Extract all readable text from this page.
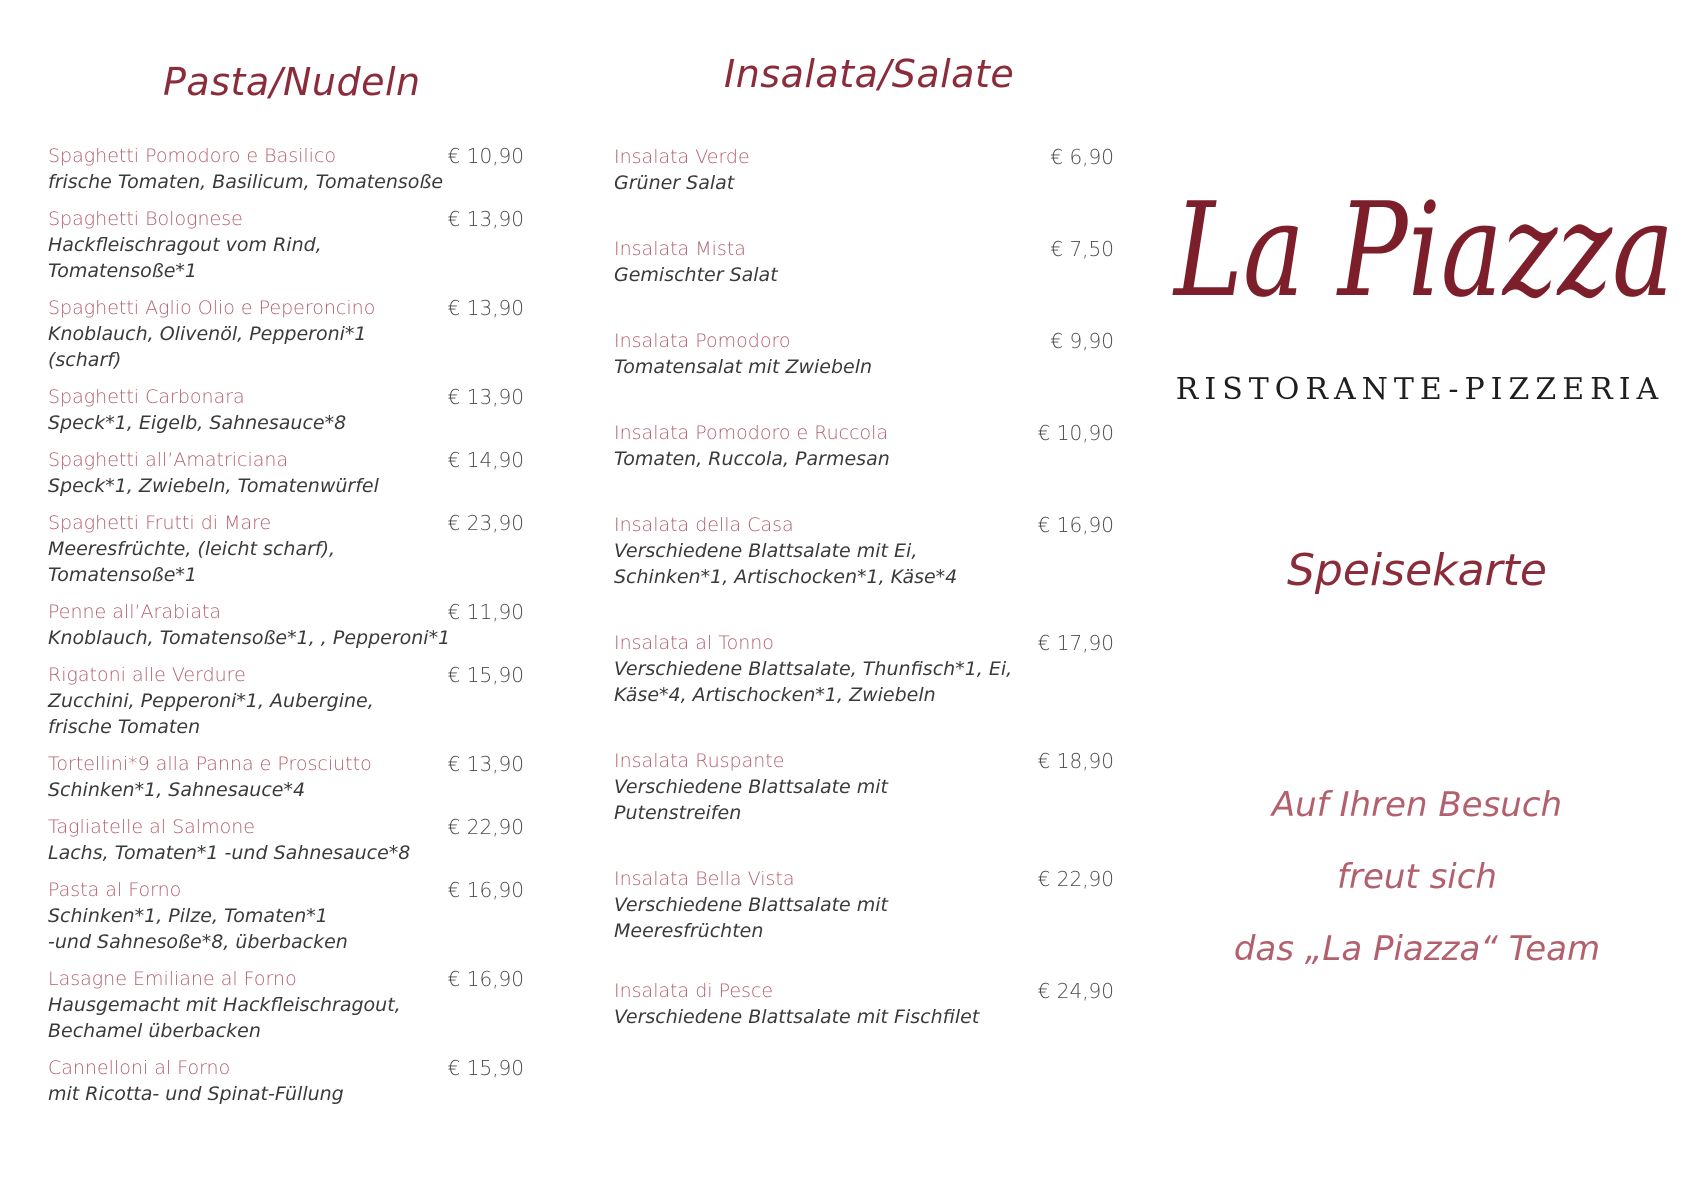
Pasta/Nudeln
Spaghetti Pomodoro e Basilico
frische Tomaten, Basilicum, Tomatensoße
€ 10,90
Spaghetti Bolognese
Hackfleischragout vom Rind,
Tomatensoße*1
€ 13,90
Spaghetti Aglio Olio e Peperoncino
Knoblauch, Olivenöl, Pepperoni*1
(scharf)
€ 13,90
Spaghetti Carbonara
Speck*1, Eigelb, Sahnesauce*8
€ 13,90
Spaghetti all’Amatriciana
Speck*1, Zwiebeln, Tomatenwürfel
€ 14,90
Spaghetti Frutti di Mare
Meeresfrüchte, (leicht scharf),
Tomatensoße*1
€ 23,90
Penne all’Arabiata
Knoblauch, Tomatensoße*1, , Pepperoni*1
€ 11,90
Rigatoni alle Verdure
Zucchini, Pepperoni*1, Aubergine,
frische Tomaten
€ 15,90
Tortellini*9 alla Panna e Prosciutto
Schinken*1, Sahnesauce*4
€ 13,90
Tagliatelle al Salmone
Lachs, Tomaten*1 -und Sahnesauce*8
€ 22,90
Pasta al Forno
Schinken*1, Pilze, Tomaten*1
-und Sahnesoße*8, überbacken
€ 16,90
Lasagne Emiliane al Forno
Hausgemacht mit Hackfleischragout,
Bechamel überbacken
€ 16,90
Cannelloni al Forno
mit Ricotta- und Spinat-Füllung
€ 15,90
Insalata/Salate
Insalata Verde
Grüner Salat
€ 6,90
Insalata Mista
Gemischter Salat
€ 7,50
Insalata Pomodoro
Tomatensalat mit Zwiebeln
€ 9,90
Insalata Pomodoro e Ruccola
Tomaten, Ruccola, Parmesan
€ 10,90
Insalata della Casa
Verschiedene Blattsalate mit Ei,
Schinken*1, Artischocken*1, Käse*4
€ 16,90
Insalata al Tonno
Verschiedene Blattsalate, Thunfisch*1, Ei,
Käse*4, Artischocken*1, Zwiebeln
€ 17,90
Insalata Ruspante
Verschiedene Blattsalate mit
Putenstreifen
€ 18,90
Insalata Bella Vista
Verschiedene Blattsalate mit
Meeresfrüchten
€ 22,90
Insalata di Pesce
Verschiedene Blattsalate mit Fischfilet
€ 24,90
La Piazza
RISTORANTE-PIZZERIA
Speisekarte
Auf Ihren Besuch
freut sich
das „La Piazza“ Team
